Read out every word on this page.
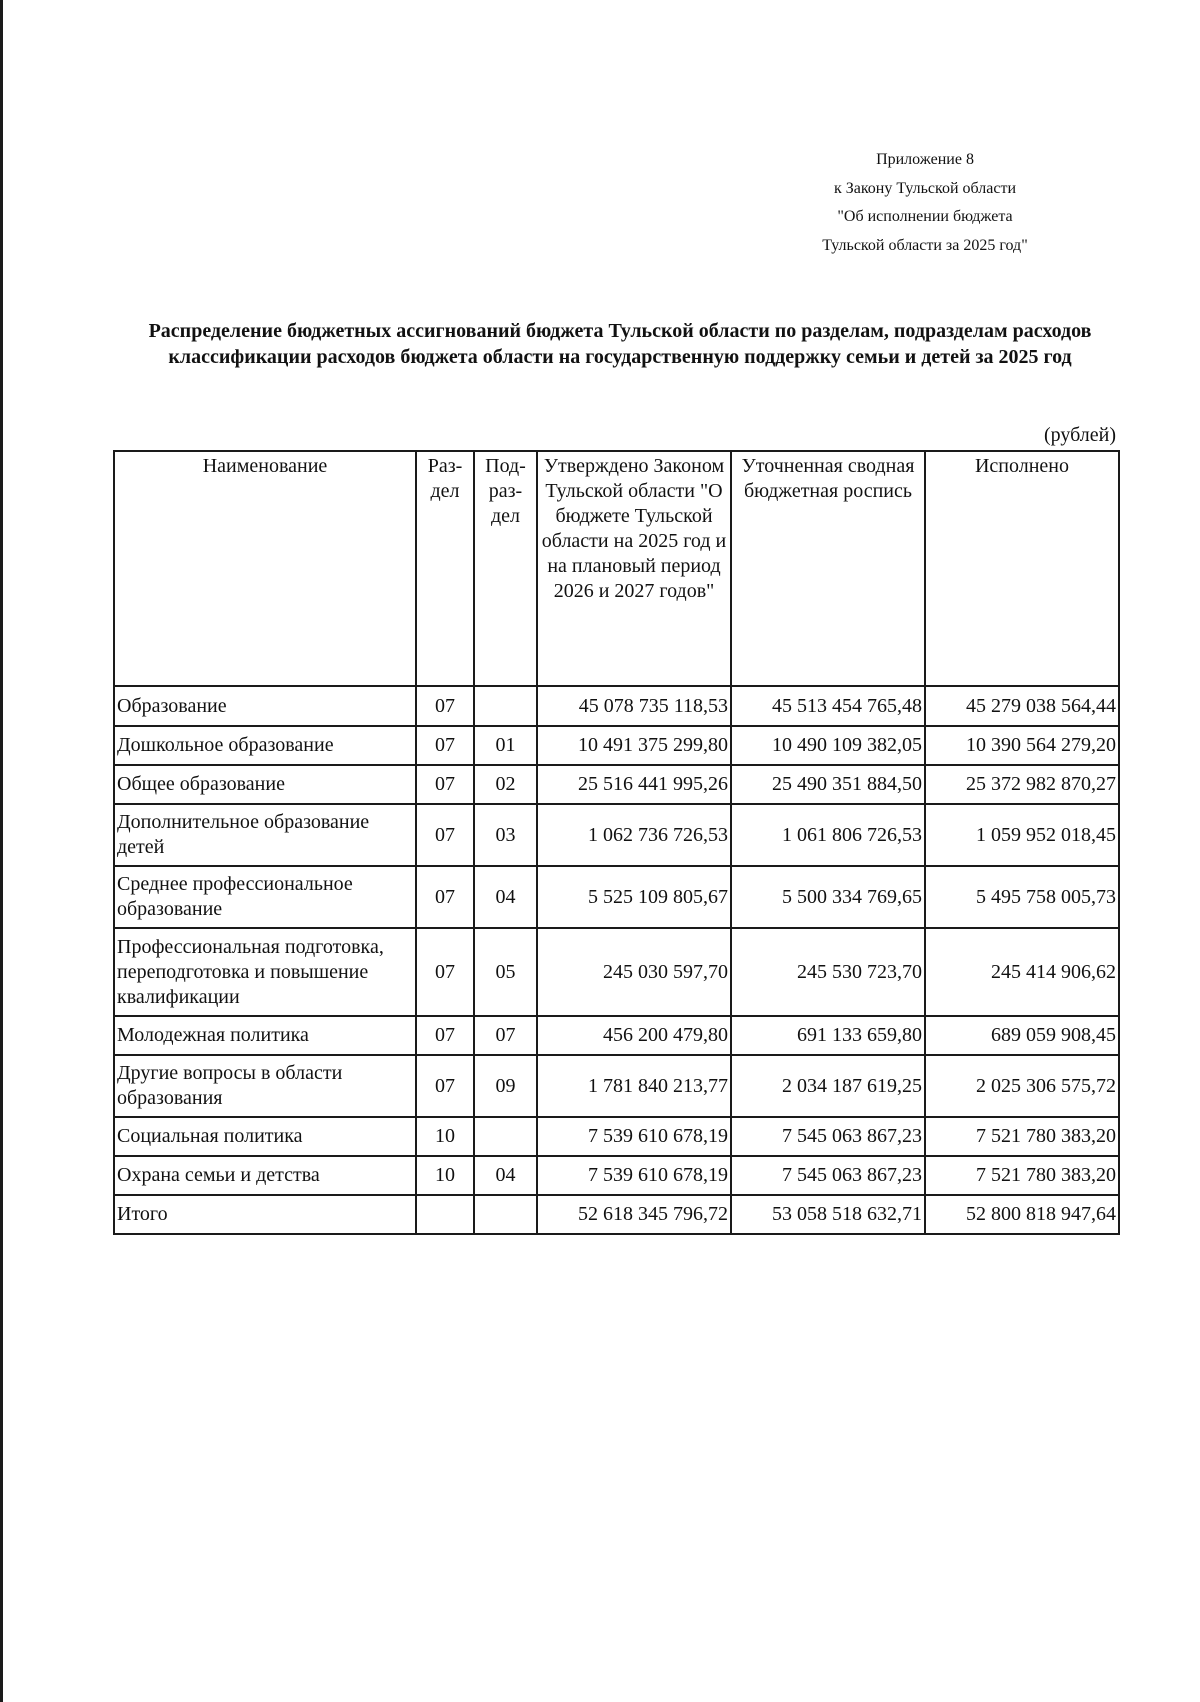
Приложение 8
к Закону Тульской области
"Об исполнении бюджета
Тульской области за 2025 год"
Распределение бюджетных ассигнований бюджета Тульской области по разделам, подразделам расходов классификации расходов бюджета области на государственную поддержку семьи и детей за 2025 год
(рублей)
Наименование	Раз- дел	Под- раз- дел	Утверждено Законом Тульской области "О бюджете Тульской области на 2025 год и на плановый период 2026 и 2027 годов"	Уточненная сводная бюджетная роспись	Исполнено
Образование	07		45 078 735 118,53	45 513 454 765,48	45 279 038 564,44
Дошкольное образование	07	01	10 491 375 299,80	10 490 109 382,05	10 390 564 279,20
Общее образование	07	02	25 516 441 995,26	25 490 351 884,50	25 372 982 870,27
Дополнительное образование детей	07	03	1 062 736 726,53	1 061 806 726,53	1 059 952 018,45
Среднее профессиональное образование	07	04	5 525 109 805,67	5 500 334 769,65	5 495 758 005,73
Профессиональная подготовка, переподготовка и повышение квалификации	07	05	245 030 597,70	245 530 723,70	245 414 906,62
Молодежная политика	07	07	456 200 479,80	691 133 659,80	689 059 908,45
Другие вопросы в области образования	07	09	1 781 840 213,77	2 034 187 619,25	2 025 306 575,72
Социальная политика	10		7 539 610 678,19	7 545 063 867,23	7 521 780 383,20
Охрана семьи и детства	10	04	7 539 610 678,19	7 545 063 867,23	7 521 780 383,20
Итого			52 618 345 796,72	53 058 518 632,71	52 800 818 947,64
